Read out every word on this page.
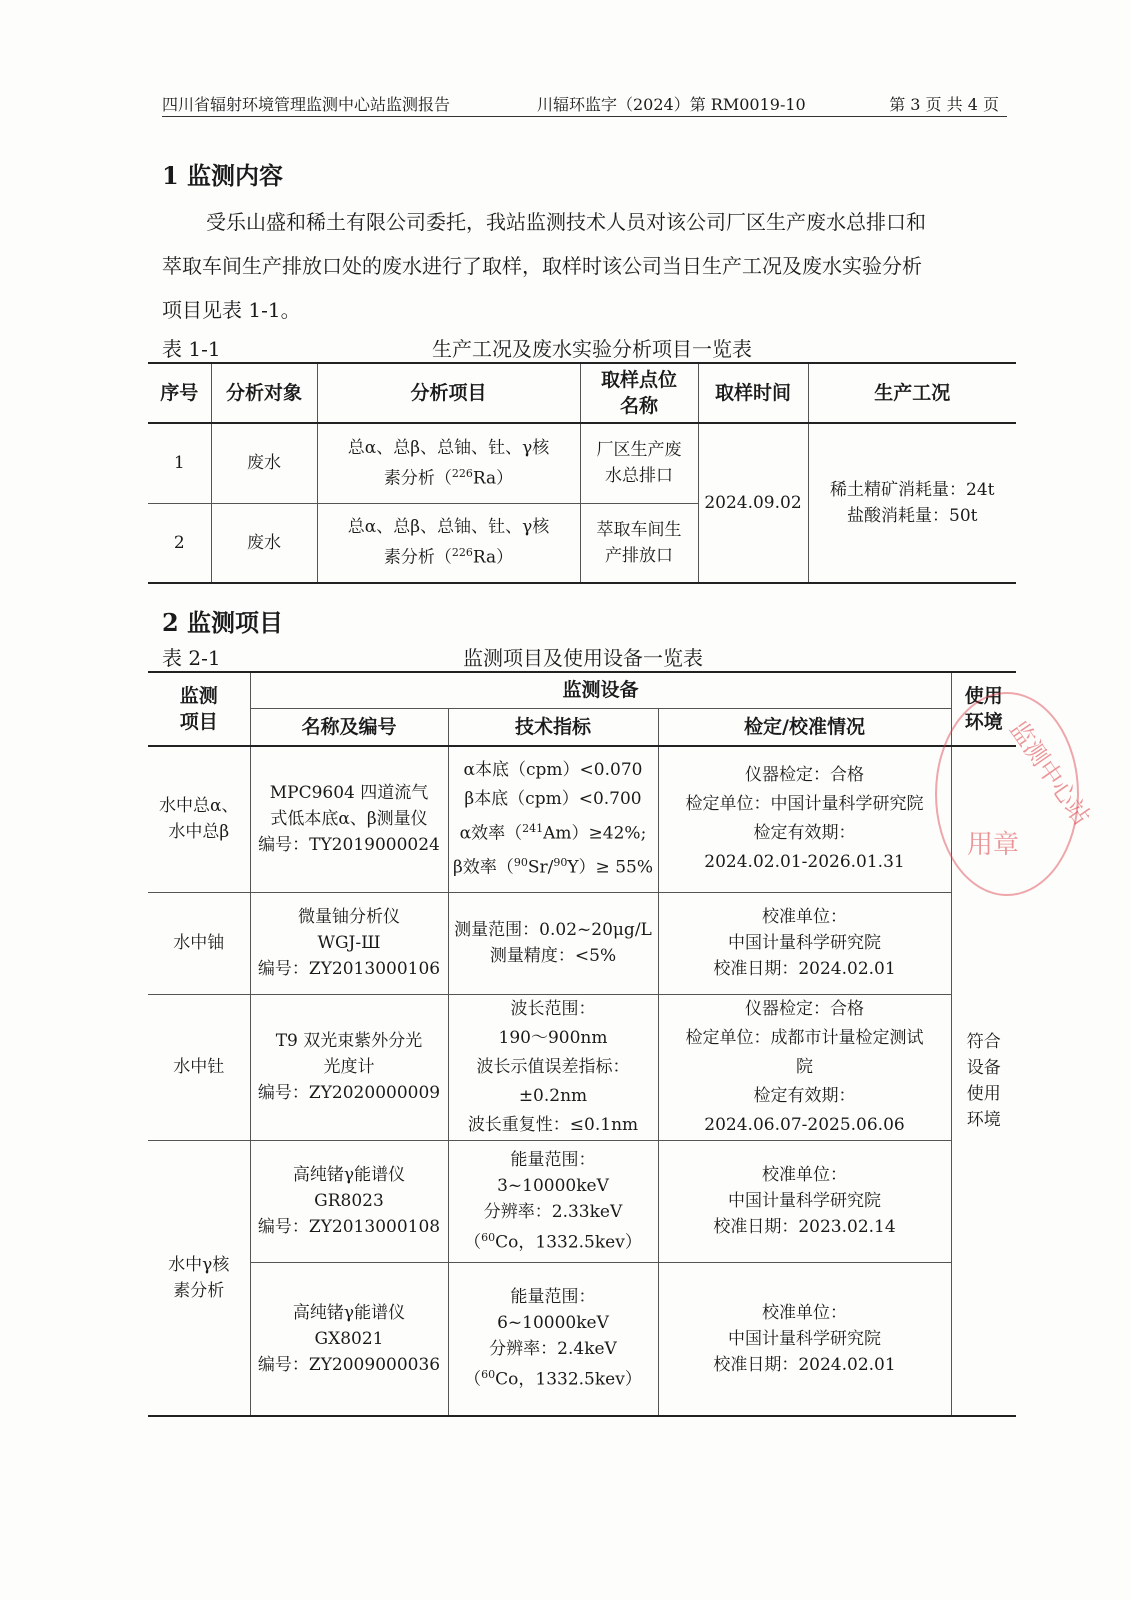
四川省辐射环境管理监测中心站监测报告	川辐环监字（2024）第 RM0019-10	第 3 页 共 4 页
1 监测内容
受乐山盛和稀土有限公司委托，我站监测技术人员对该公司厂区生产废水总排口和
萃取车间生产排放口处的废水进行了取样，取样时该公司当日生产工况及废水实验分析
项目见表 1-1。
表 1-1	生产工况及废水实验分析项目一览表
序号	分析对象	分析项目	取样点位
名称	取样时间	生产工况
1	废水	总α、总β、总铀、钍、γ核
素分析（$^{226}$Ra）	厂区生产废
水总排口	2024.09.02	稀土精矿消耗量：24t
盐酸消耗量：50t

2	废水	总α、总β、总铀、钍、γ核
素分析（$^{226}$Ra）	萃取车间生
产排放口		
2 监测项目
表 2-1	监测项目及使用设备一览表
监测
项目	监测设备			使用
环境

	名称及编号	技术指标	检定/校准情况	

水中总α、
水中总β	MPC9604 四道流气
式低本底α、β测量仪
编号：TY2019000024	α本底（cpm）<0.070
β本底（cpm）<0.700
α效率（$^{241}$Am）≥42%;
β效率（$^{90}$Sr/$^{90}$Y）≥ 55%	仪器检定：合格
检定单位：中国计量科学研究院
检定有效期：
2024.02.01-2026.01.31	符合
设备
使用
环境

水中铀	微量铀分析仪
WGJ-Ш
编号：ZY2013000106	测量范围：0.02~20μg/L
测量精度：<5%	校准单位：
中国计量科学研究院
校准日期：2024.02.01	

水中钍	T9 双光束紫外分光
光度计
编号：ZY2020000009	波长范围：
190～900nm
波长示值误差指标：
±0.2nm
波长重复性：≤0.1nm	仪器检定：合格
检定单位：成都市计量检定测试
院
检定有效期：
2024.06.07-2025.06.06	

水中γ核
素分析	高纯锗γ能谱仪
GR8023
编号：ZY2013000108	能量范围：
3~10000keV
分辨率：2.33keV
（$^{60}$Co，1332.5kev）	校准单位：
中国计量科学研究院
校准日期：2023.02.14	

	高纯锗γ能谱仪
GX8021
编号：ZY2009000036	能量范围：
6~10000keV
分辨率：2.4keV
（$^{60}$Co，1332.5kev）	校准单位：
中国计量科学研究院
校准日期：2024.02.01	
监测中心站
用章
